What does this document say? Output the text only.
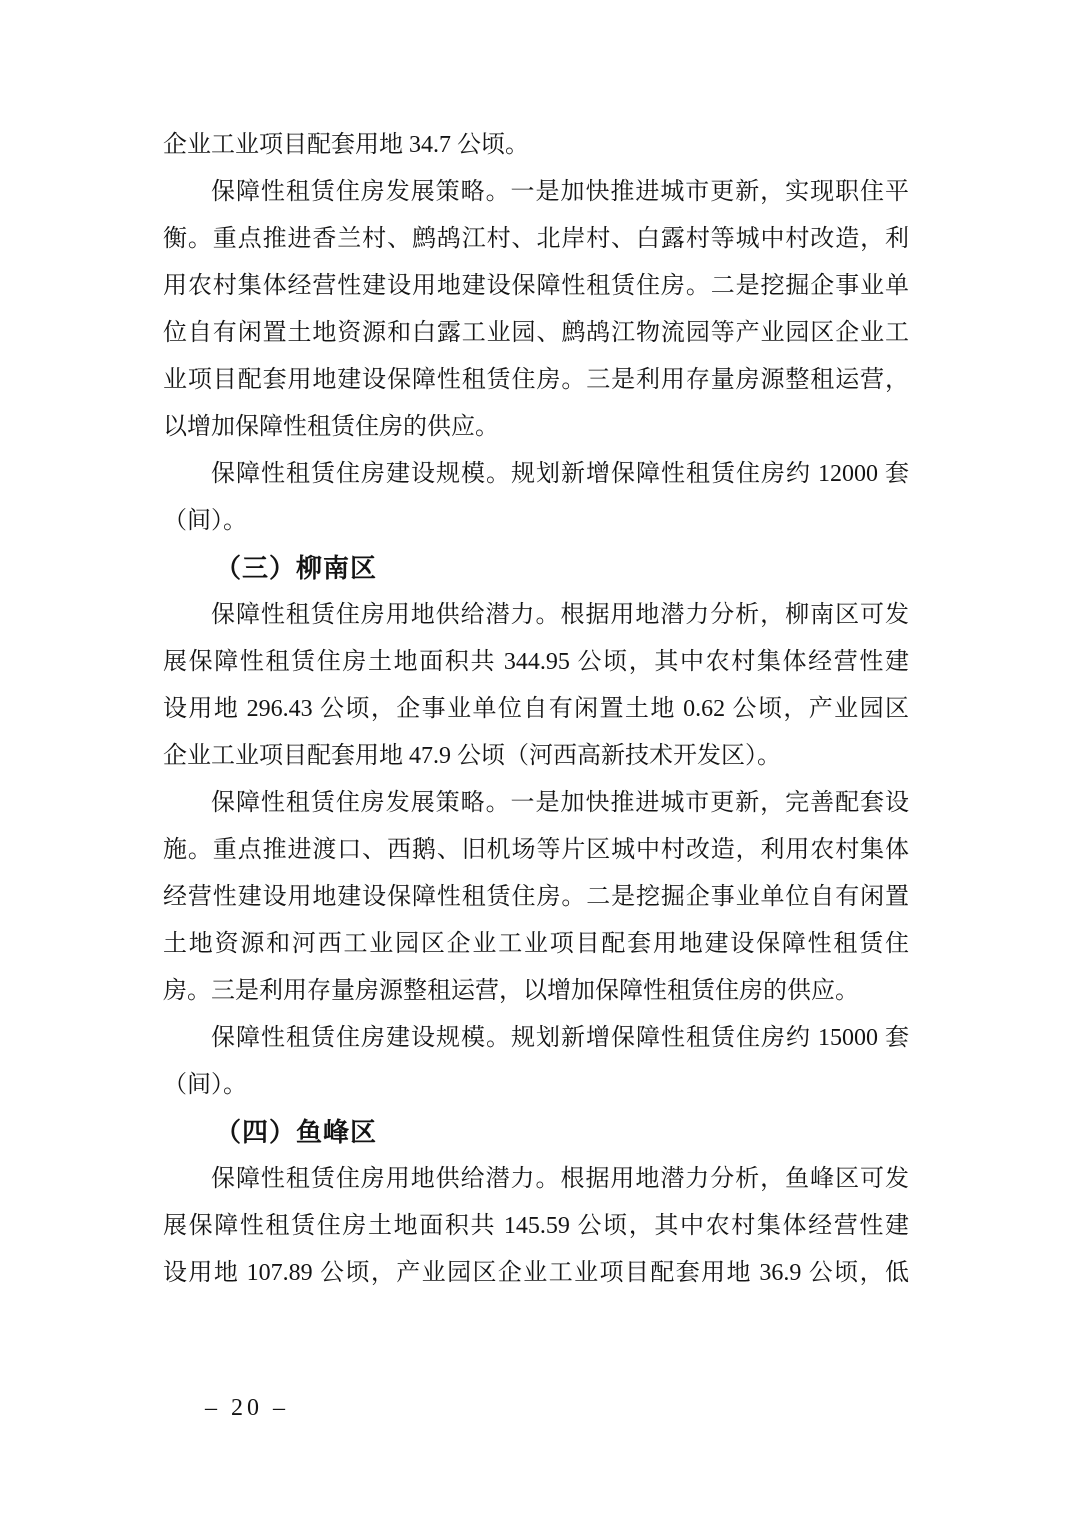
企业工业项目配套用地 34.7 公顷。
保障性租赁住房发展策略。一是加快推进城市更新，实现职住平
衡。重点推进香兰村、鹧鸪江村、北岸村、白露村等城中村改造，利
用农村集体经营性建设用地建设保障性租赁住房。二是挖掘企事业单
位自有闲置土地资源和白露工业园、鹧鸪江物流园等产业园区企业工
业项目配套用地建设保障性租赁住房。三是利用存量房源整租运营，
以增加保障性租赁住房的供应。
保障性租赁住房建设规模。规划新增保障性租赁住房约 12000 套
（间）。
（三）柳南区
保障性租赁住房用地供给潜力。根据用地潜力分析，柳南区可发
展保障性租赁住房土地面积共 344.95 公顷，其中农村集体经营性建
设用地 296.43 公顷，企事业单位自有闲置土地 0.62 公顷，产业园区
企业工业项目配套用地 47.9 公顷（河西高新技术开发区）。
保障性租赁住房发展策略。一是加快推进城市更新，完善配套设
施。重点推进渡口、西鹅、旧机场等片区城中村改造，利用农村集体
经营性建设用地建设保障性租赁住房。二是挖掘企事业单位自有闲置
土地资源和河西工业园区企业工业项目配套用地建设保障性租赁住
房。三是利用存量房源整租运营，以增加保障性租赁住房的供应。
保障性租赁住房建设规模。规划新增保障性租赁住房约 15000 套
（间）。
（四）鱼峰区
保障性租赁住房用地供给潜力。根据用地潜力分析，鱼峰区可发
展保障性租赁住房土地面积共 145.59 公顷，其中农村集体经营性建
设用地 107.89 公顷，产业园区企业工业项目配套用地 36.9 公顷，低
– 20 –
